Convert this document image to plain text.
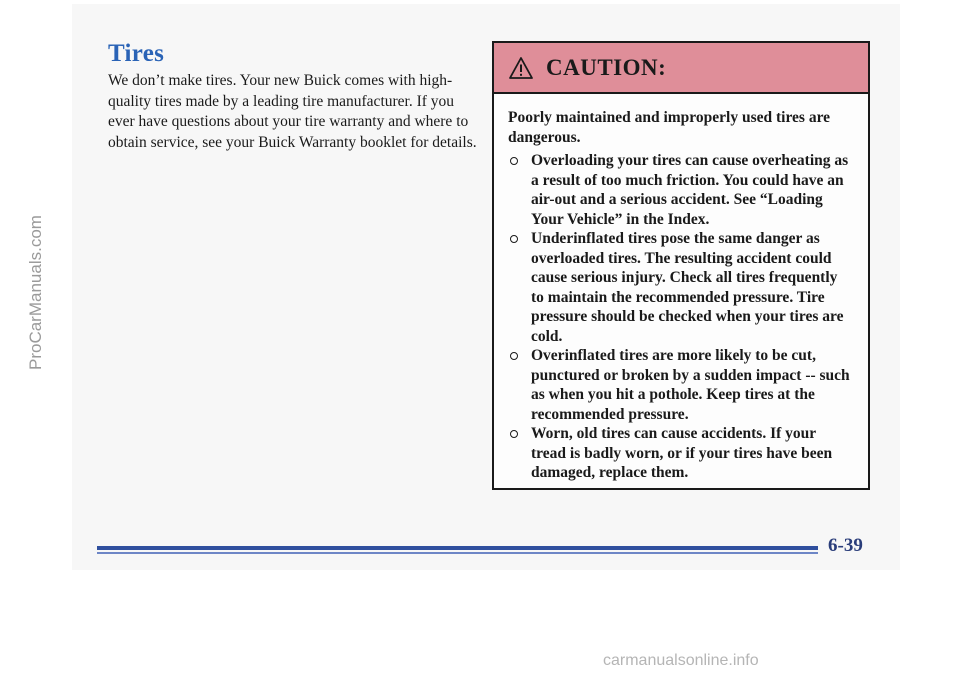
ProCarManuals.com
Tires

We don’t make tires. Your new Buick comes with high-quality tires made by a leading tire manufacturer. If you ever have questions about your tire warranty and where to obtain service, see your Buick Warranty booklet for details.

CAUTION:

Poorly maintained and improperly used tires are dangerous.

Overloading your tires can cause overheating as a result of too much friction. You could have an air-out and a serious accident. See “Loading Your Vehicle” in the Index.
Underinflated tires pose the same danger as overloaded tires. The resulting accident could cause serious injury. Check all tires frequently to maintain the recommended pressure. Tire pressure should be checked when your tires are cold.
Overinflated tires are more likely to be cut, punctured or broken by a sudden impact -- such as when you hit a pothole. Keep tires at the recommended pressure.
Worn, old tires can cause accidents. If your tread is badly worn, or if your tires have been damaged, replace them.

6-39

carmanualsonline.info
